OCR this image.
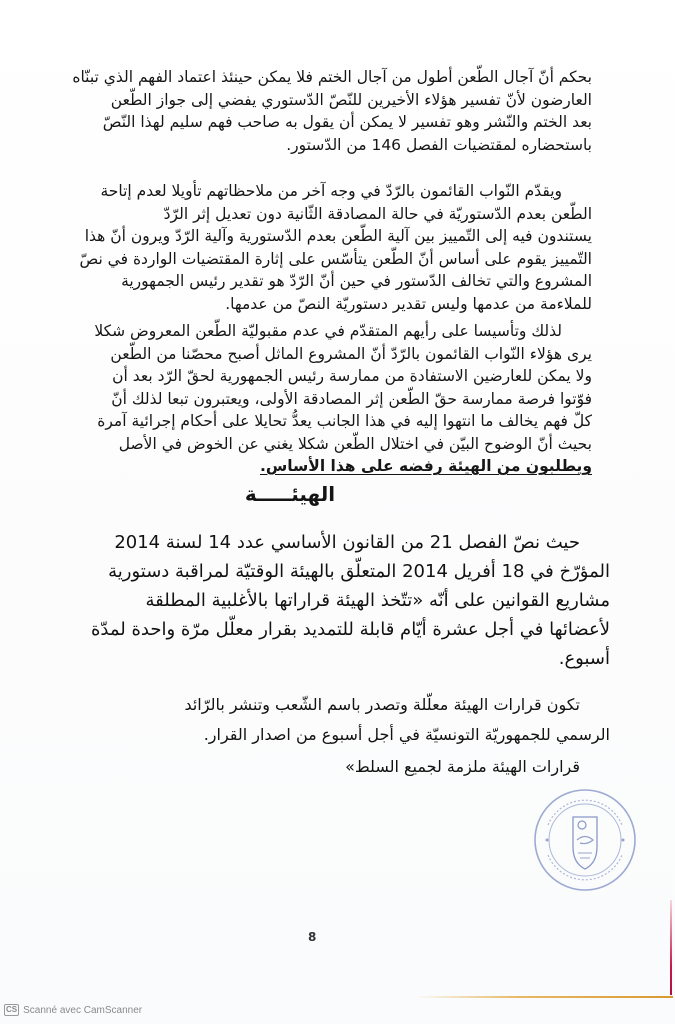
بحكم أنّ آجال الطّعن أطول من آجال الختم فلا يمكن حينئذ اعتماد الفهم الذي تبنّاه
العارضون لأنّ تفسير هؤلاء الأخيرين للنّصّ الدّستوري يفضي إلى جواز الطّعن
بعد الختم والنّشر وهو تفسير لا يمكن أن يقول به صاحب فهم سليم لهذا النّصّ
باستحضاره لمقتضيات الفصل 146 من الدّستور.
ويقدّم النّواب القائمون بالرّدّ في وجه آخر من ملاحظاتهم تأويلا لعدم إتاحة
الطّعن بعدم الدّستوريّة في حالة المصادقة الثّانية دون تعديل إثر الرّدّ
يستندون فيه إلى التّمييز بين آلية الطّعن بعدم الدّستورية وآلية الرّدّ ويرون أنّ هذا
التّمييز يقوم على أساس أنّ الطّعن يتأسّس على إثارة المقتضيات الواردة في نصّ
المشروع والتي تخالف الدّستور في حين أنّ الرّدّ هو تقدير رئيس الجمهورية
للملاءمة من عدمها وليس تقدير دستوريّة النصّ من عدمها.
لذلك وتأسيسا على رأيهم المتقدّم في عدم مقبوليّة الطّعن المعروض شكلا
يرى هؤلاء النّواب القائمون بالرّدّ أنّ المشروع الماثل أصبح محصّنا من الطّعن
ولا يمكن للعارضين الاستفادة من ممارسة رئيس الجمهورية لحقّ الرّد بعد أن
فوّتوا فرصة ممارسة حقّ الطّعن إثر المصادقة الأولى، ويعتبرون تبعا لذلك أنّ
كلّ فهم يخالف ما انتهوا إليه في هذا الجانب يعدُّ تحايلا على أحكام إجرائية آمرة
بحيث أنّ الوضوح البيّن في اختلال الطّعن شكلا يغني عن الخوض في الأصل
ويطلبون من الهيئة رفضه على هذا الأساس.
الهيئـــــة
حيث نصّ الفصل 21 من القانون الأساسي عدد 14 لسنة 2014
المؤرّخ في 18 أفريل 2014 المتعلّق بالهيئة الوقتيّة لمراقبة دستورية
مشاريع القوانين على أنّه «تتّخذ الهيئة قراراتها بالأغلبية المطلقة
لأعضائها في أجل عشرة أيّام قابلة للتمديد بقرار معلّل مرّة واحدة لمدّة
أسبوع.
تكون قرارات الهيئة معلّلة وتصدر باسم الشّعب وتنشر بالرّائد
الرسمي للجمهوريّة التونسيّة في أجل أسبوع من اصدار القرار.
قرارات الهيئة ملزمة لجميع السلط»
8
CS Scanné avec CamScanner
